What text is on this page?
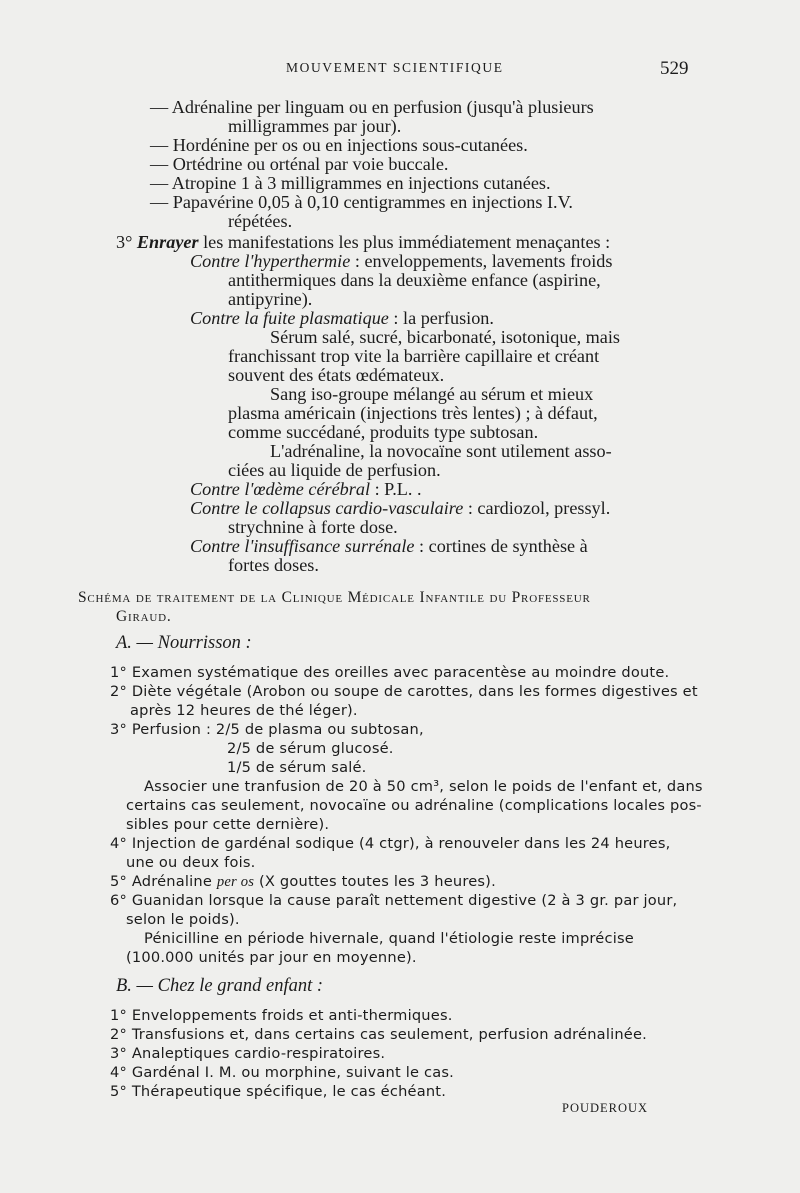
MOUVEMENT SCIENTIFIQUE	529
— Adrénaline per linguam ou en perfusion (jusqu'à plusieurs
milligrammes par jour).
— Hordénine per os ou en injections sous-cutanées.
— Ortédrine ou orténal par voie buccale.
— Atropine 1 à 3 milligrammes en injections cutanées.
— Papavérine 0,05 à 0,10 centigrammes en injections I.V.
répétées.
3° Enrayer les manifestations les plus immédiatement menaçantes :
Contre l'hyperthermie : enveloppements, lavements froids
antithermiques dans la deuxième enfance (aspirine,
antipyrine).
Contre la fuite plasmatique : la perfusion.
Sérum salé, sucré, bicarbonaté, isotonique, mais
franchissant trop vite la barrière capillaire et créant
souvent des états œdémateux.
Sang iso-groupe mélangé au sérum et mieux
plasma américain (injections très lentes) ; à défaut,
comme succédané, produits type subtosan.
L'adrénaline, la novocaïne sont utilement asso-
ciées au liquide de perfusion.
Contre l'œdème cérébral : P.L. .
Contre le collapsus cardio-vasculaire : cardiozol, pressyl.
strychnine à forte dose.
Contre l'insuffisance surrénale : cortines de synthèse à
fortes doses.
Schéma de traitement de la Clinique Médicale Infantile du Professeur
Giraud.
A. — Nourrisson :
1° Examen systématique des oreilles avec paracentèse au moindre doute.
2° Diète végétale (Arobon ou soupe de carottes, dans les formes digestives et
après 12 heures de thé léger).
3° Perfusion : 2/5 de plasma ou subtosan,
2/5 de sérum glucosé.
1/5 de sérum salé.
Associer une tranfusion de 20 à 50 cm³, selon le poids de l'enfant et, dans
certains cas seulement, novocaïne ou adrénaline (complications locales pos-
sibles pour cette dernière).
4° Injection de gardénal sodique (4 ctgr), à renouveler dans les 24 heures,
une ou deux fois.
5° Adrénaline per os (X gouttes toutes les 3 heures).
6° Guanidan lorsque la cause paraît nettement digestive (2 à 3 gr. par jour,
selon le poids).
Pénicilline en période hivernale, quand l'étiologie reste imprécise
(100.000 unités par jour en moyenne).
B. — Chez le grand enfant :
1° Enveloppements froids et anti-thermiques.
2° Transfusions et, dans certains cas seulement, perfusion adrénalinée.
3° Analeptiques cardio-respiratoires.
4° Gardénal I. M. ou morphine, suivant le cas.
5° Thérapeutique spécifique, le cas échéant.
POUDEROUX
